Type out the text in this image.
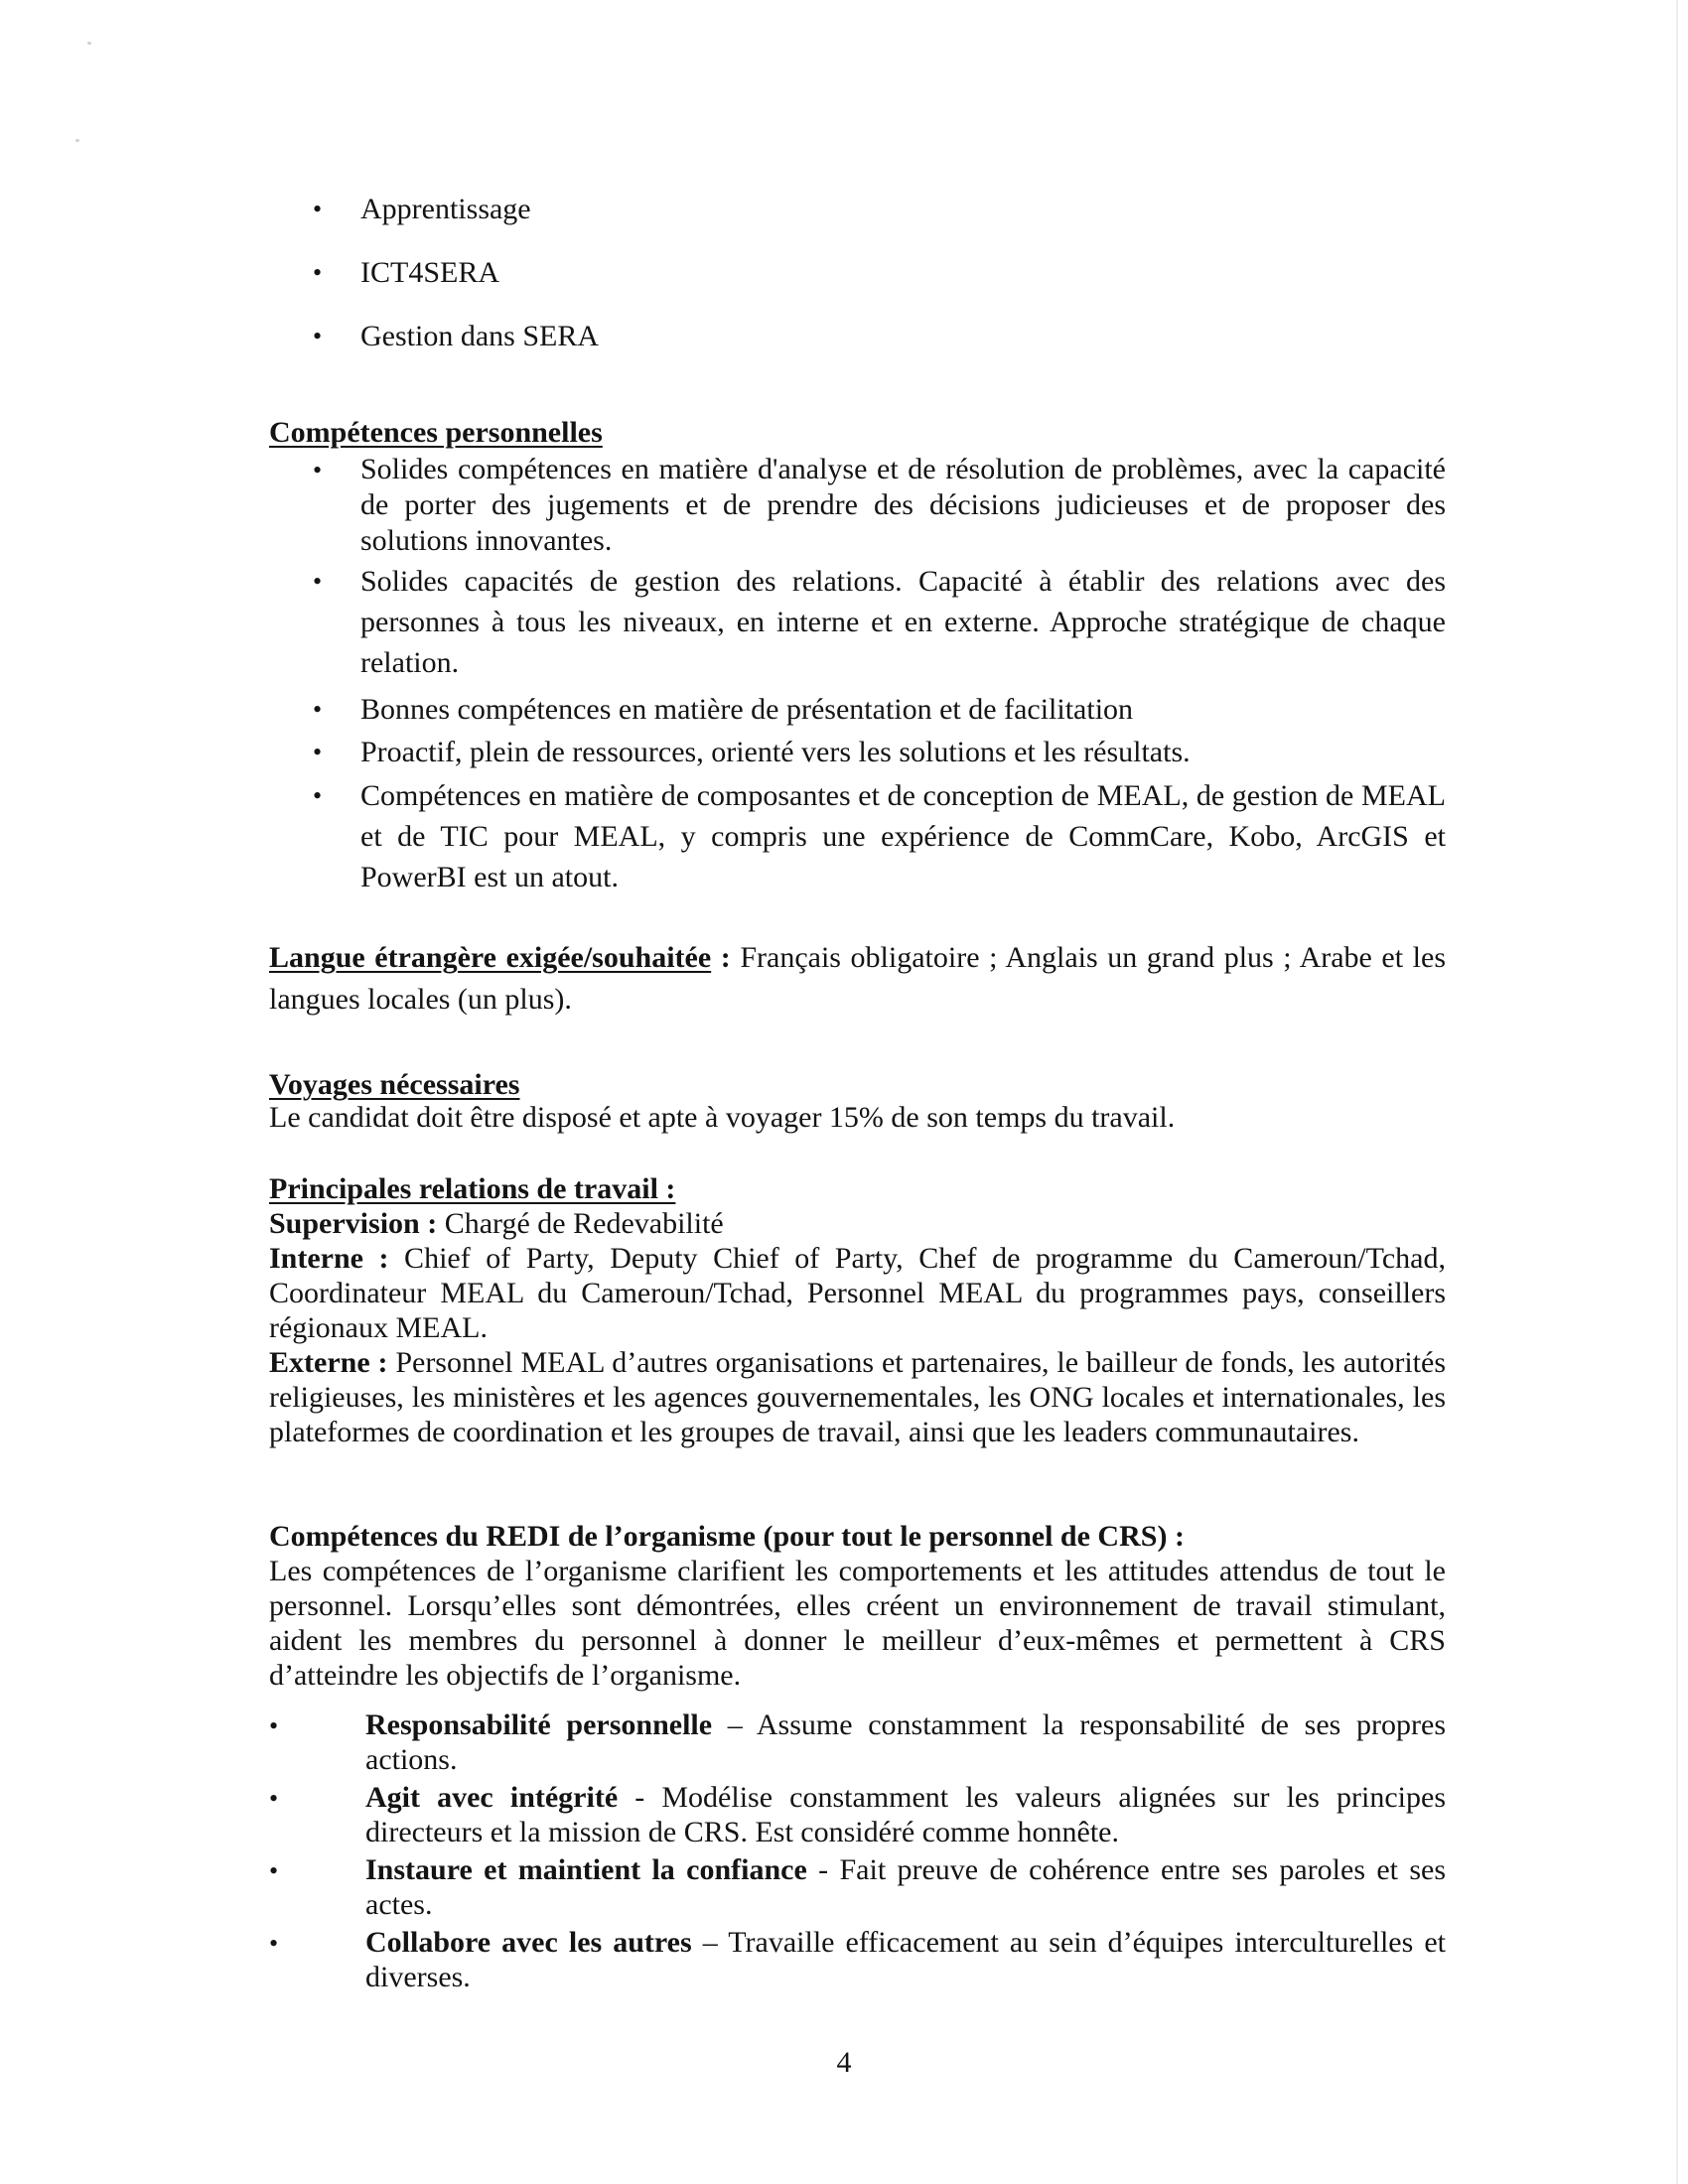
• Apprentissage
• ICT4SERA
• Gestion dans SERA
Compétences personnelles
• Solides compétences en matière d'analyse et de résolution de problèmes, avec la capacité de porter des jugements et de prendre des décisions judicieuses et de proposer des solutions innovantes.
• Solides capacités de gestion des relations. Capacité à établir des relations avec des personnes à tous les niveaux, en interne et en externe. Approche stratégique de chaque relation.
• Bonnes compétences en matière de présentation et de facilitation
• Proactif, plein de ressources, orienté vers les solutions et les résultats.
• Compétences en matière de composantes et de conception de MEAL, de gestion de MEAL et de TIC pour MEAL, y compris une expérience de CommCare, Kobo, ArcGIS et PowerBI est un atout.
Langue étrangère exigée/souhaitée : Français obligatoire ; Anglais un grand plus ; Arabe et les langues locales (un plus).
Voyages nécessaires
Le candidat doit être disposé et apte à voyager 15% de son temps du travail.
Principales relations de travail :
Supervision : Chargé de Redevabilité
Interne : Chief of Party, Deputy Chief of Party, Chef de programme du Cameroun/Tchad, Coordinateur MEAL du Cameroun/Tchad, Personnel MEAL du programmes pays, conseillers régionaux MEAL.
Externe : Personnel MEAL d’autres organisations et partenaires, le bailleur de fonds, les autorités religieuses, les ministères et les agences gouvernementales, les ONG locales et internationales, les plateformes de coordination et les groupes de travail, ainsi que les leaders communautaires.
Compétences du REDI de l’organisme (pour tout le personnel de CRS) :
Les compétences de l’organisme clarifient les comportements et les attitudes attendus de tout le personnel. Lorsqu’elles sont démontrées, elles créent un environnement de travail stimulant, aident les membres du personnel à donner le meilleur d’eux-mêmes et permettent à CRS d’atteindre les objectifs de l’organisme.
•	Responsabilité personnelle – Assume constamment la responsabilité de ses propres actions.
•	Agit avec intégrité - Modélise constamment les valeurs alignées sur les principes directeurs et la mission de CRS. Est considéré comme honnête.
•	Instaure et maintient la confiance - Fait preuve de cohérence entre ses paroles et ses actes.
•	Collabore avec les autres – Travaille efficacement au sein d’équipes interculturelles et diverses.
4
